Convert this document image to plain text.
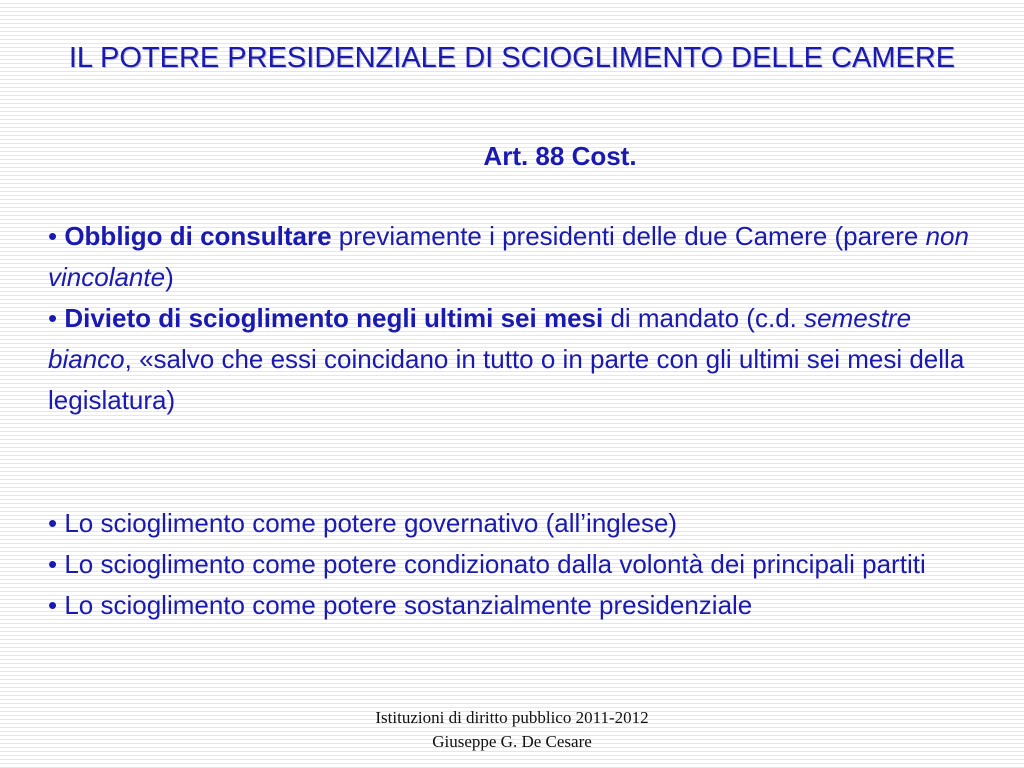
IL POTERE PRESIDENZIALE DI SCIOGLIMENTO DELLE CAMERE
Art. 88 Cost.

• Obbligo di consultare previamente i presidenti delle due Camere (parere non vincolante)

• Divieto di scioglimento negli ultimi sei mesi di mandato (c.d. semestre bianco, «salvo che essi coincidano in tutto o in parte con gli ultimi sei mesi della legislatura)

• Lo scioglimento come potere governativo (all’inglese)

• Lo scioglimento come potere condizionato dalla volontà dei principali partiti

• Lo scioglimento come potere sostanzialmente presidenziale

Istituzioni di diritto pubblico 2011-2012
Giuseppe G. De Cesare
